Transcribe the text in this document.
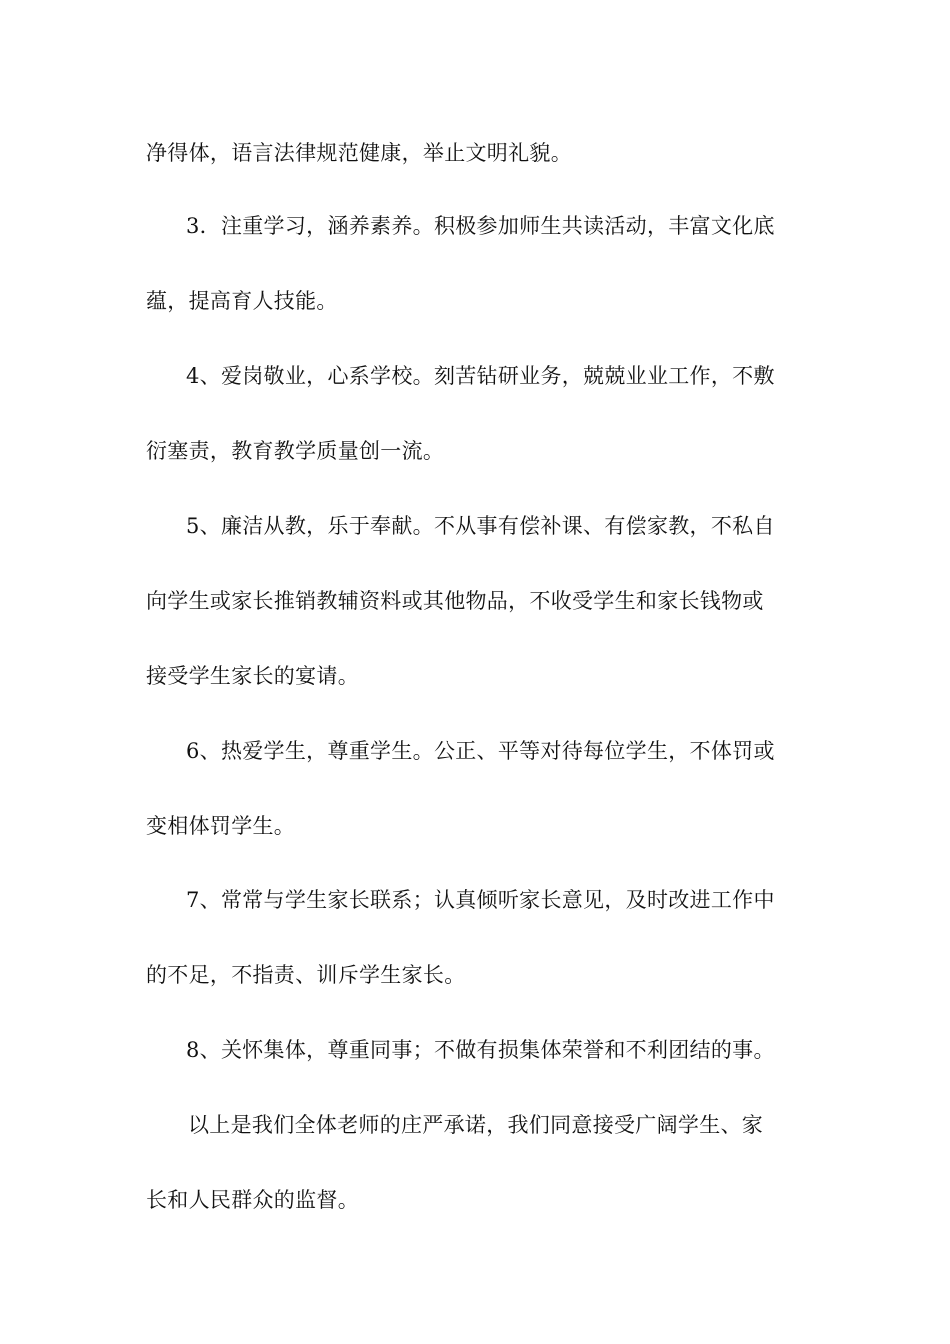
净得体，语言法律规范健康，举止文明礼貌。
3．注重学习，涵养素养。积极参加师生共读活动，丰富文化底
蕴，提高育人技能。
4、爱岗敬业，心系学校。刻苦钻研业务，兢兢业业工作，不敷
衍塞责，教育教学质量创一流。
5、廉洁从教，乐于奉献。不从事有偿补课、有偿家教，不私自
向学生或家长推销教辅资料或其他物品，不收受学生和家长钱物或
接受学生家长的宴请。
6、热爱学生，尊重学生。公正、平等对待每位学生，不体罚或
变相体罚学生。
7、常常与学生家长联系；认真倾听家长意见，及时改进工作中
的不足，不指责、训斥学生家长。
8、关怀集体，尊重同事；不做有损集体荣誉和不利团结的事。
以上是我们全体老师的庄严承诺，我们同意接受广阔学生、家
长和人民群众的监督。
